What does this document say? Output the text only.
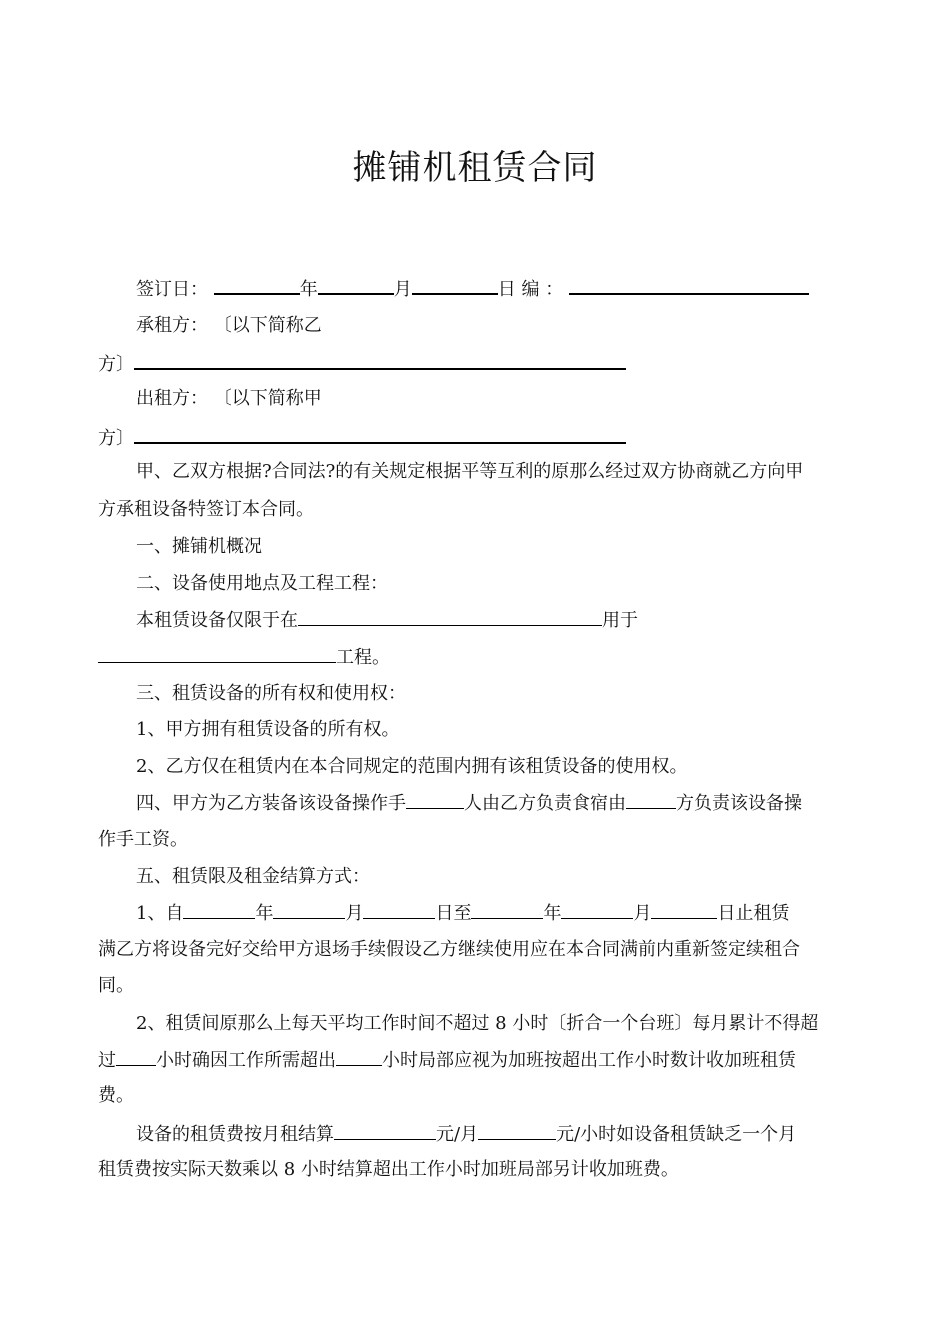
摊铺机租赁合同
签订日：	年	月	日 编 ：
承租方： 〔以下简称乙
方〕
出租方： 〔以下简称甲
方〕
甲、乙双方根据?合同法?的有关规定根据平等互利的原那么经过双方协商就乙方向甲
方承租设备特签订本合同。
一、摊铺机概况
二、设备使用地点及工程工程：
本租赁设备仅限于在	用于
工程。
三、租赁设备的所有权和使用权：
1、甲方拥有租赁设备的所有权。
2、乙方仅在租赁内在本合同规定的范围内拥有该租赁设备的使用权。
四、甲方为乙方装备该设备操作手	人由乙方负责食宿由	方负责该设备操
作手工资。
五、租赁限及租金结算方式：
1、自	年	月	日至	年	月	日止租赁
满乙方将设备完好交给甲方退场手续假设乙方继续使用应在本合同满前内重新签定续租合
同。
2、租赁间原那么上每天平均工作时间不超过 8 小时〔折合一个台班〕每月累计不得超
过 小时确因工作所需超出	小时局部应视为加班按超出工作小时数计收加班租赁
费。
设备的租赁费按月租结算	元/月	元/小时如设备租赁缺乏一个月
租赁费按实际天数乘以 8 小时结算超出工作小时加班局部另计收加班费。
